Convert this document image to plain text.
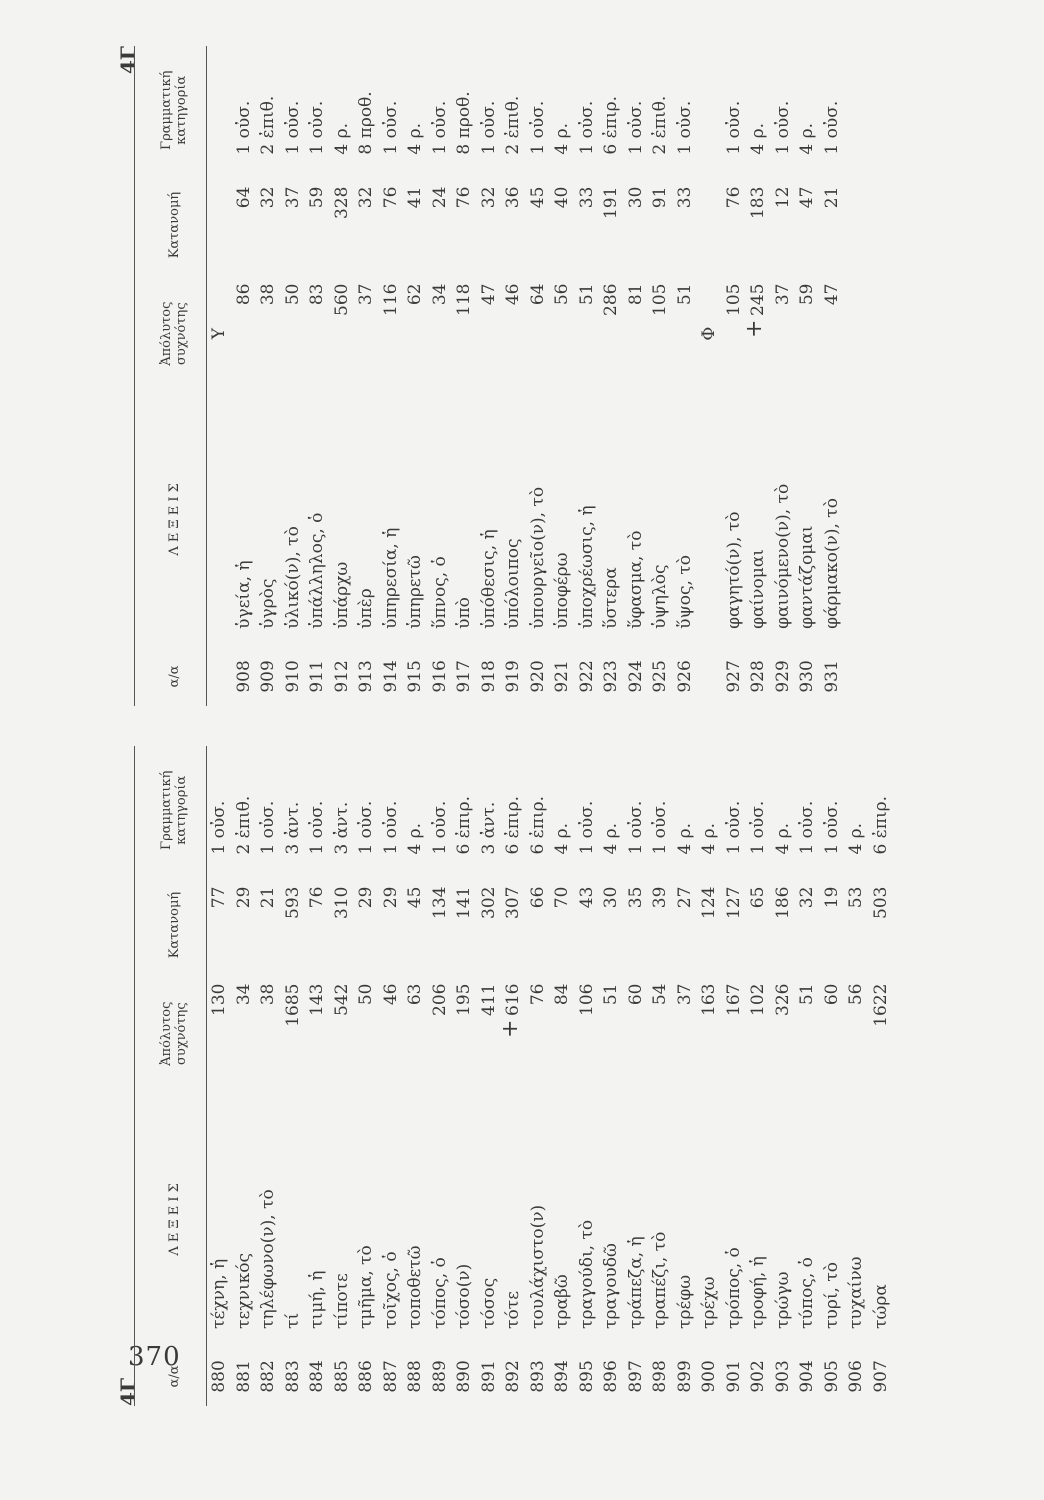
370
4Γ
+
α/α	Λ Ε Ξ Ε Ι Σ	Ἀπόλυτος συχνότης	Κατανομή	Γραμματική κατηγορία
880	τέχνη, ἡ	130	77	1 οὐσ.
881	τεχνικός	34	29	2 ἐπιθ.
882	τηλέφωνο(ν), τὸ	38	21	1 οὐσ.
883	τί	1685	593	3 ἀντ.
884	τιμή, ἡ	143	76	1 οὐσ.
885	τίποτε	542	310	3 ἀντ.
886	τμῆμα, τὸ	50	29	1 οὐσ.
887	τοῖχος, ὁ	46	29	1 οὐσ.
888	τοποθετῶ	63	45	4 ρ.
889	τόπος, ὁ	206	134	1 οὐσ.
890	τόσο(ν)	195	141	6 ἐπιρ.
891	τόσος	411	302	3 ἀντ.
892	τότε	616	307	6 ἐπιρ.
893	τουλάχιστο(ν)	76	66	6 ἐπιρ.
894	τραβῶ	84	70	4 ρ.
895	τραγούδι, τὸ	106	43	1 οὐσ.
896	τραγουδῶ	51	30	4 ρ.
897	τράπεζα, ἡ	60	35	1 οὐσ.
898	τραπέζι, τὸ	54	39	1 οὐσ.
899	τρέφω	37	27	4 ρ.
900	τρέχω	163	124	4 ρ.
901	τρόπος, ὁ	167	127	1 οὐσ.
902	τροφή, ἡ	102	65	1 οὐσ.
903	τρώγω	326	186	4 ρ.
904	τύπος, ὁ	51	32	1 οὐσ.
905	τυρί, τὸ	60	19	1 οὐσ.
906	τυχαίνω	56	53	4 ρ.
907	τώρα	1622	503	6 ἐπιρ.
4Γ
+
α/α	Λ Ε Ξ Ε Ι Σ	Ἀπόλυτος συχνότης	Κατανομή	Γραμματική κατηγορία
		Υ		
908	ὑγεία, ἡ	86	64	1 οὐσ.
909	ὑγρὸς	38	32	2 ἐπιθ.
910	ὑλικό(ν), τὸ	50	37	1 οὐσ.
911	ὑπάλληλος, ὁ	83	59	1 οὐσ.
912	ὑπάρχω	560	328	4 ρ.
913	ὑπὲρ	37	32	8 προθ.
914	ὑπηρεσία, ἡ	116	76	1 οὐσ.
915	ὑπηρετῶ	62	41	4 ρ.
916	ὕπνος, ὁ	34	24	1 οὐσ.
917	ὑπὸ	118	76	8 προθ.
918	ὑπόθεσις, ἡ	47	32	1 οὐσ.
919	ὑπόλοιπος	46	36	2 ἐπιθ.
920	ὑπουργεῖο(ν), τὸ	64	45	1 οὐσ.
921	ὑποφέρω	56	40	4 ρ.
922	ὑποχρέωσις, ἡ	51	33	1 οὐσ.
923	ὕστερα	286	191	6 ἐπιρ.
924	ὕφασμα, τὸ	81	30	1 οὐσ.
925	ὑψηλὸς	105	91	2 ἐπιθ.
926	ὕψος, τὸ	51	33	1 οὐσ.
		Φ		
927	φαγητό(ν), τὸ	105	76	1 οὐσ.
928	φαίνομαι	245	183	4 ρ.
929	φαινόμενο(ν), τὸ	37	12	1 οὐσ.
930	φαντάζομαι	59	47	4 ρ.
931	φάρμακο(ν), τὸ	47	21	1 οὐσ.
